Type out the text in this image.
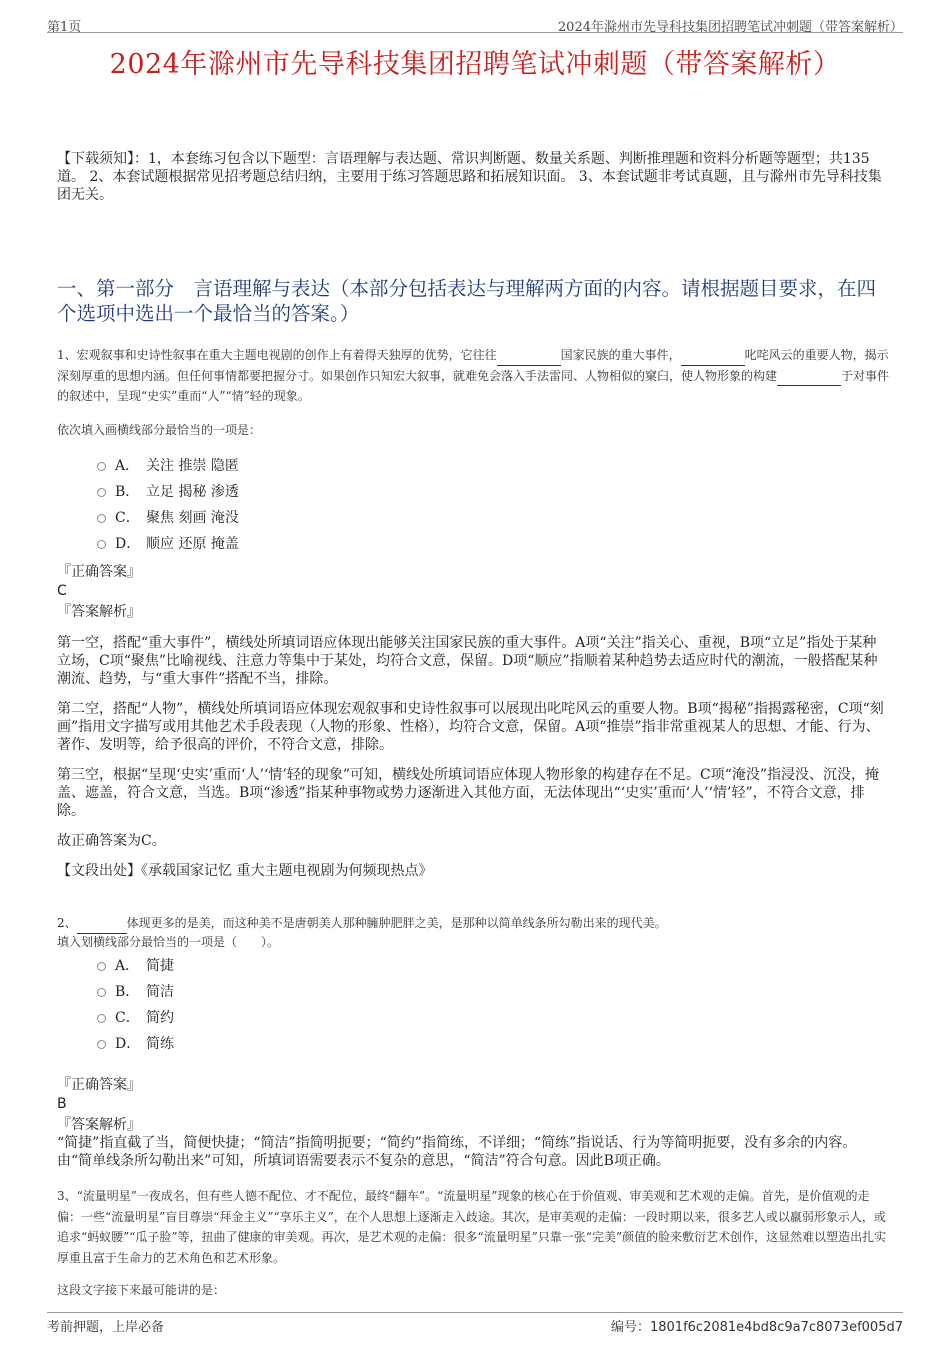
第1页	2024年滁州市先导科技集团招聘笔试冲刺题（带答案解析）
2024年滁州市先导科技集团招聘笔试冲刺题（带答案解析）
【下载须知】：1，本套练习包含以下题型：言语理解与表达题、常识判断题、数量关系题、判断推理题和资料分析题等题型；共135道。 2、本套试题根据常见招考题总结归纳，主要用于练习答题思路和拓展知识面。 3、本套试题非考试真题，且与滁州市先导科技集团无关。
一、第一部分　言语理解与表达（本部分包括表达与理解两方面的内容。请根据题目要求，在四个选项中选出一个最恰当的答案。）
1、宏观叙事和史诗性叙事在重大主题电视剧的创作上有着得天独厚的优势，它往往	国家民族的重大事件，	叱咤风云的重要人物，揭示深刻厚重的思想内涵。但任何事情都要把握分寸。如果创作只知宏大叙事，就难免会落入手法雷同、人物相似的窠臼，使人物形象的构建	于对事件的叙述中，呈现“史实”重而“人”“情”轻的现象。
依次填入画横线部分最恰当的一项是：
A． 关注 推崇 隐匿
B． 立足 揭秘 渗透
C． 聚焦 刻画 淹没
D． 顺应 还原 掩盖
『正确答案』
C
『答案解析』

第一空，搭配“重大事件”，横线处所填词语应体现出能够关注国家民族的重大事件。A项“关注”指关心、重视，B项“立足”指处于某种立场，C项“聚焦”比喻视线、注意力等集中于某处，均符合文意，保留。D项“顺应”指顺着某种趋势去适应时代的潮流，一般搭配某种潮流、趋势，与“重大事件”搭配不当，排除。

第二空，搭配“人物”，横线处所填词语应体现宏观叙事和史诗性叙事可以展现出叱咤风云的重要人物。B项“揭秘”指揭露秘密，C项“刻画”指用文字描写或用其他艺术手段表现（人物的形象、性格），均符合文意，保留。A项“推崇”指非常重视某人的思想、才能、行为、著作、发明等，给予很高的评价，不符合文意，排除。

第三空，根据“呈现‘史实’重而‘人’‘情’轻的现象”可知，横线处所填词语应体现人物形象的构建存在不足。C项“淹没”指浸没、沉没，掩盖、遮盖，符合文意，当选。B项“渗透”指某种事物或势力逐渐进入其他方面，无法体现出“‘史实’重而‘人’‘情’轻”，不符合文意，排除。

故正确答案为C。

【文段出处】《承载国家记忆 重大主题电视剧为何频现热点》

2、	体现更多的是美，而这种美不是唐朝美人那种臃肿肥胖之美，是那种以简单线条所勾勒出来的现代美。
填入划横线部分最恰当的一项是（　　）。
A． 简捷
B． 简洁
C． 简约
D． 简练
『正确答案』
B
『答案解析』
“简捷”指直截了当，简便快捷；“简洁”指简明扼要；“简约”指简练，不详细；“简练”指说话、行为等简明扼要，没有多余的内容。由“简单线条所勾勒出来”可知，所填词语需要表示不复杂的意思，“简洁”符合句意。因此B项正确。
3、“流量明星”一夜成名，但有些人德不配位、才不配位，最终“翻车”。“流量明星”现象的核心在于价值观、审美观和艺术观的走偏。首先，是价值观的走偏：一些“流量明星”盲目尊崇“拜金主义”“享乐主义”，在个人思想上逐渐走入歧途。其次，是审美观的走偏：一段时期以来，很多艺人或以羸弱形象示人，或追求“蚂蚁腰”“瓜子脸”等，扭曲了健康的审美观。再次，是艺术观的走偏：很多“流量明星”只靠一张“完美”颜值的脸来敷衍艺术创作，这显然难以塑造出扎实厚重且富于生命力的艺术角色和艺术形象。
这段文字接下来最可能讲的是：
考前押题，上岸必备	编号：1801f6c2081e4bd8c9a7c8073ef005d7
